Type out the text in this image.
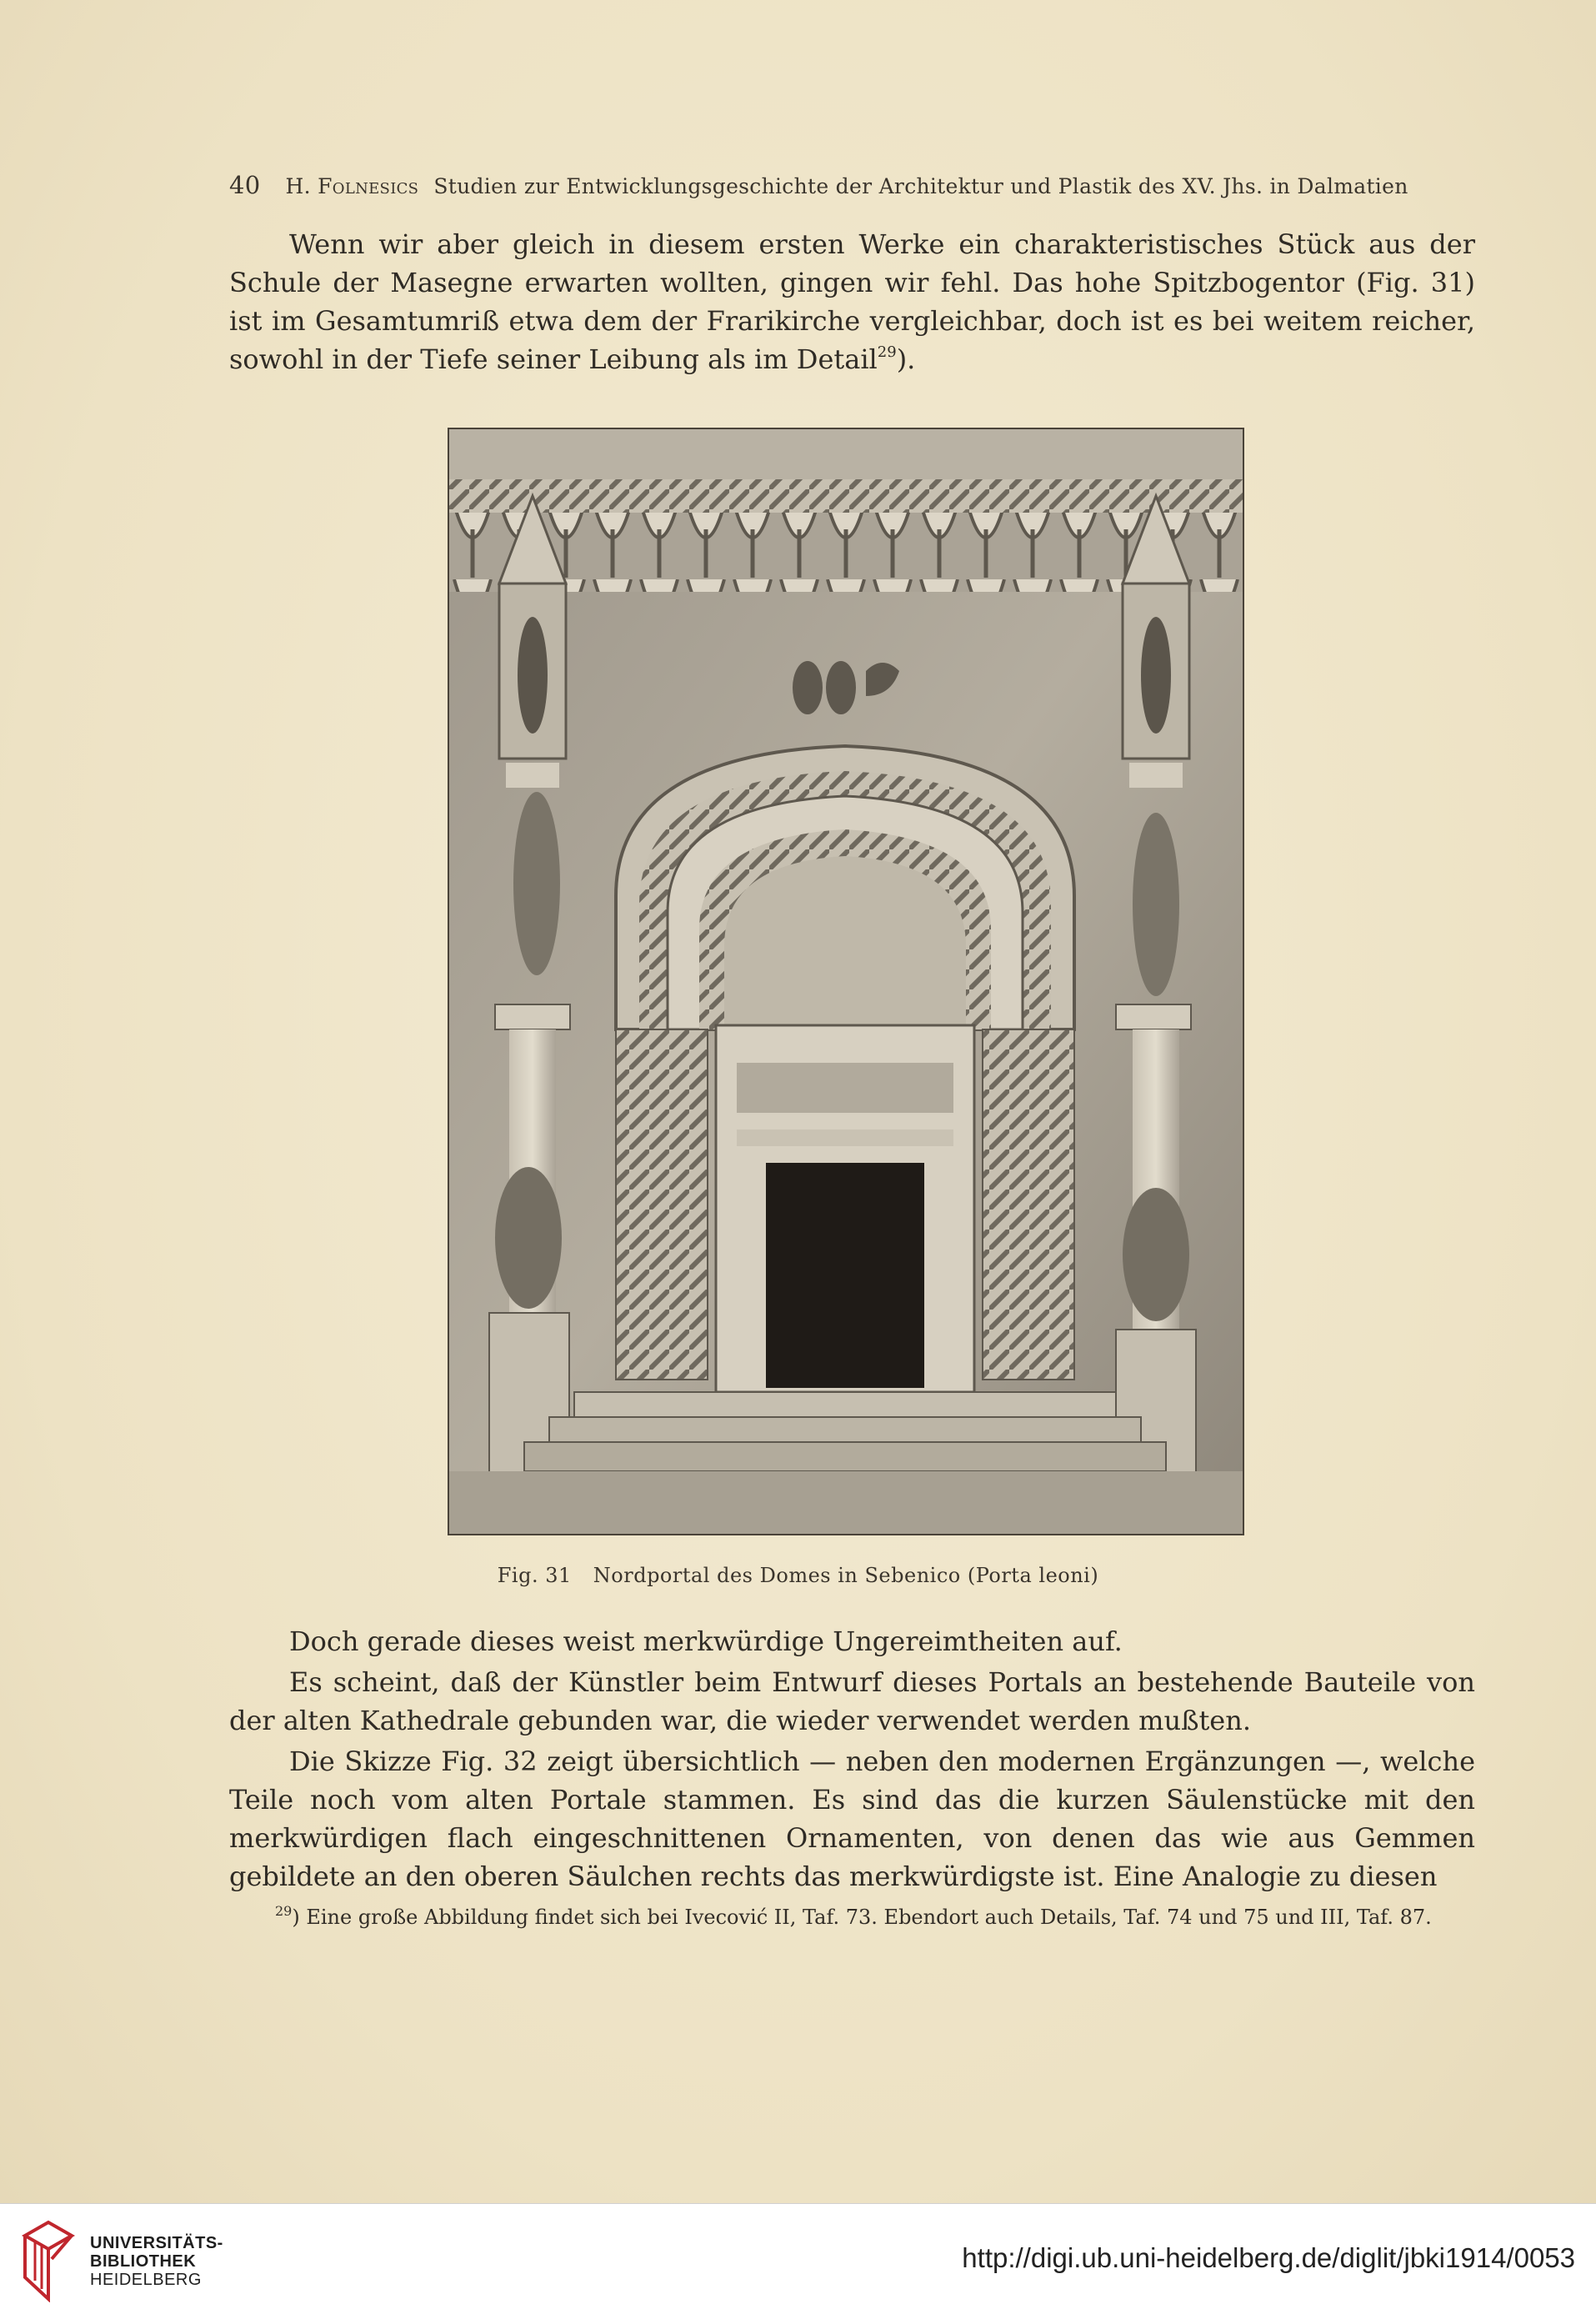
40 H. Folnesics Studien zur Entwicklungsgeschichte der Architektur und Plastik des XV. Jhs. in Dalmatien

Wenn wir aber gleich in diesem ersten Werke ein charakteristisches Stück aus der Schule der Masegne erwarten wollten, gingen wir fehl. Das hohe Spitzbogentor (Fig. 31) ist im Gesamtumriß etwa dem der Frarikirche vergleichbar, doch ist es bei weitem reicher, sowohl in der Tiefe seiner Leibung als im Detail$^{29}$).

Fig. 31 Nordportal des Domes in Sebenico (Porta leoni)

Doch gerade dieses weist merkwürdige Ungereimtheiten auf.

Es scheint, daß der Künstler beim Entwurf dieses Portals an bestehende Bauteile von der alten Kathedrale gebunden war, die wieder verwendet werden mußten.

Die Skizze Fig. 32 zeigt übersichtlich — neben den modernen Ergänzungen —, welche Teile noch vom alten Portale stammen. Es sind das die kurzen Säulenstücke mit den merkwürdigen flach eingeschnittenen Ornamenten, von denen das wie aus Gemmen gebildete an den oberen Säulchen rechts das merkwürdigste ist. Eine Analogie zu diesen

$^{29}$) Eine große Abbildung findet sich bei Ivecović II, Taf. 73. Ebendort auch Details, Taf. 74 und 75 und III, Taf. 87.

UNIVERSITÄTS-
BIBLIOTHEK
HEIDELBERG
http://digi.ub.uni-heidelberg.de/diglit/jbki1914/0053
